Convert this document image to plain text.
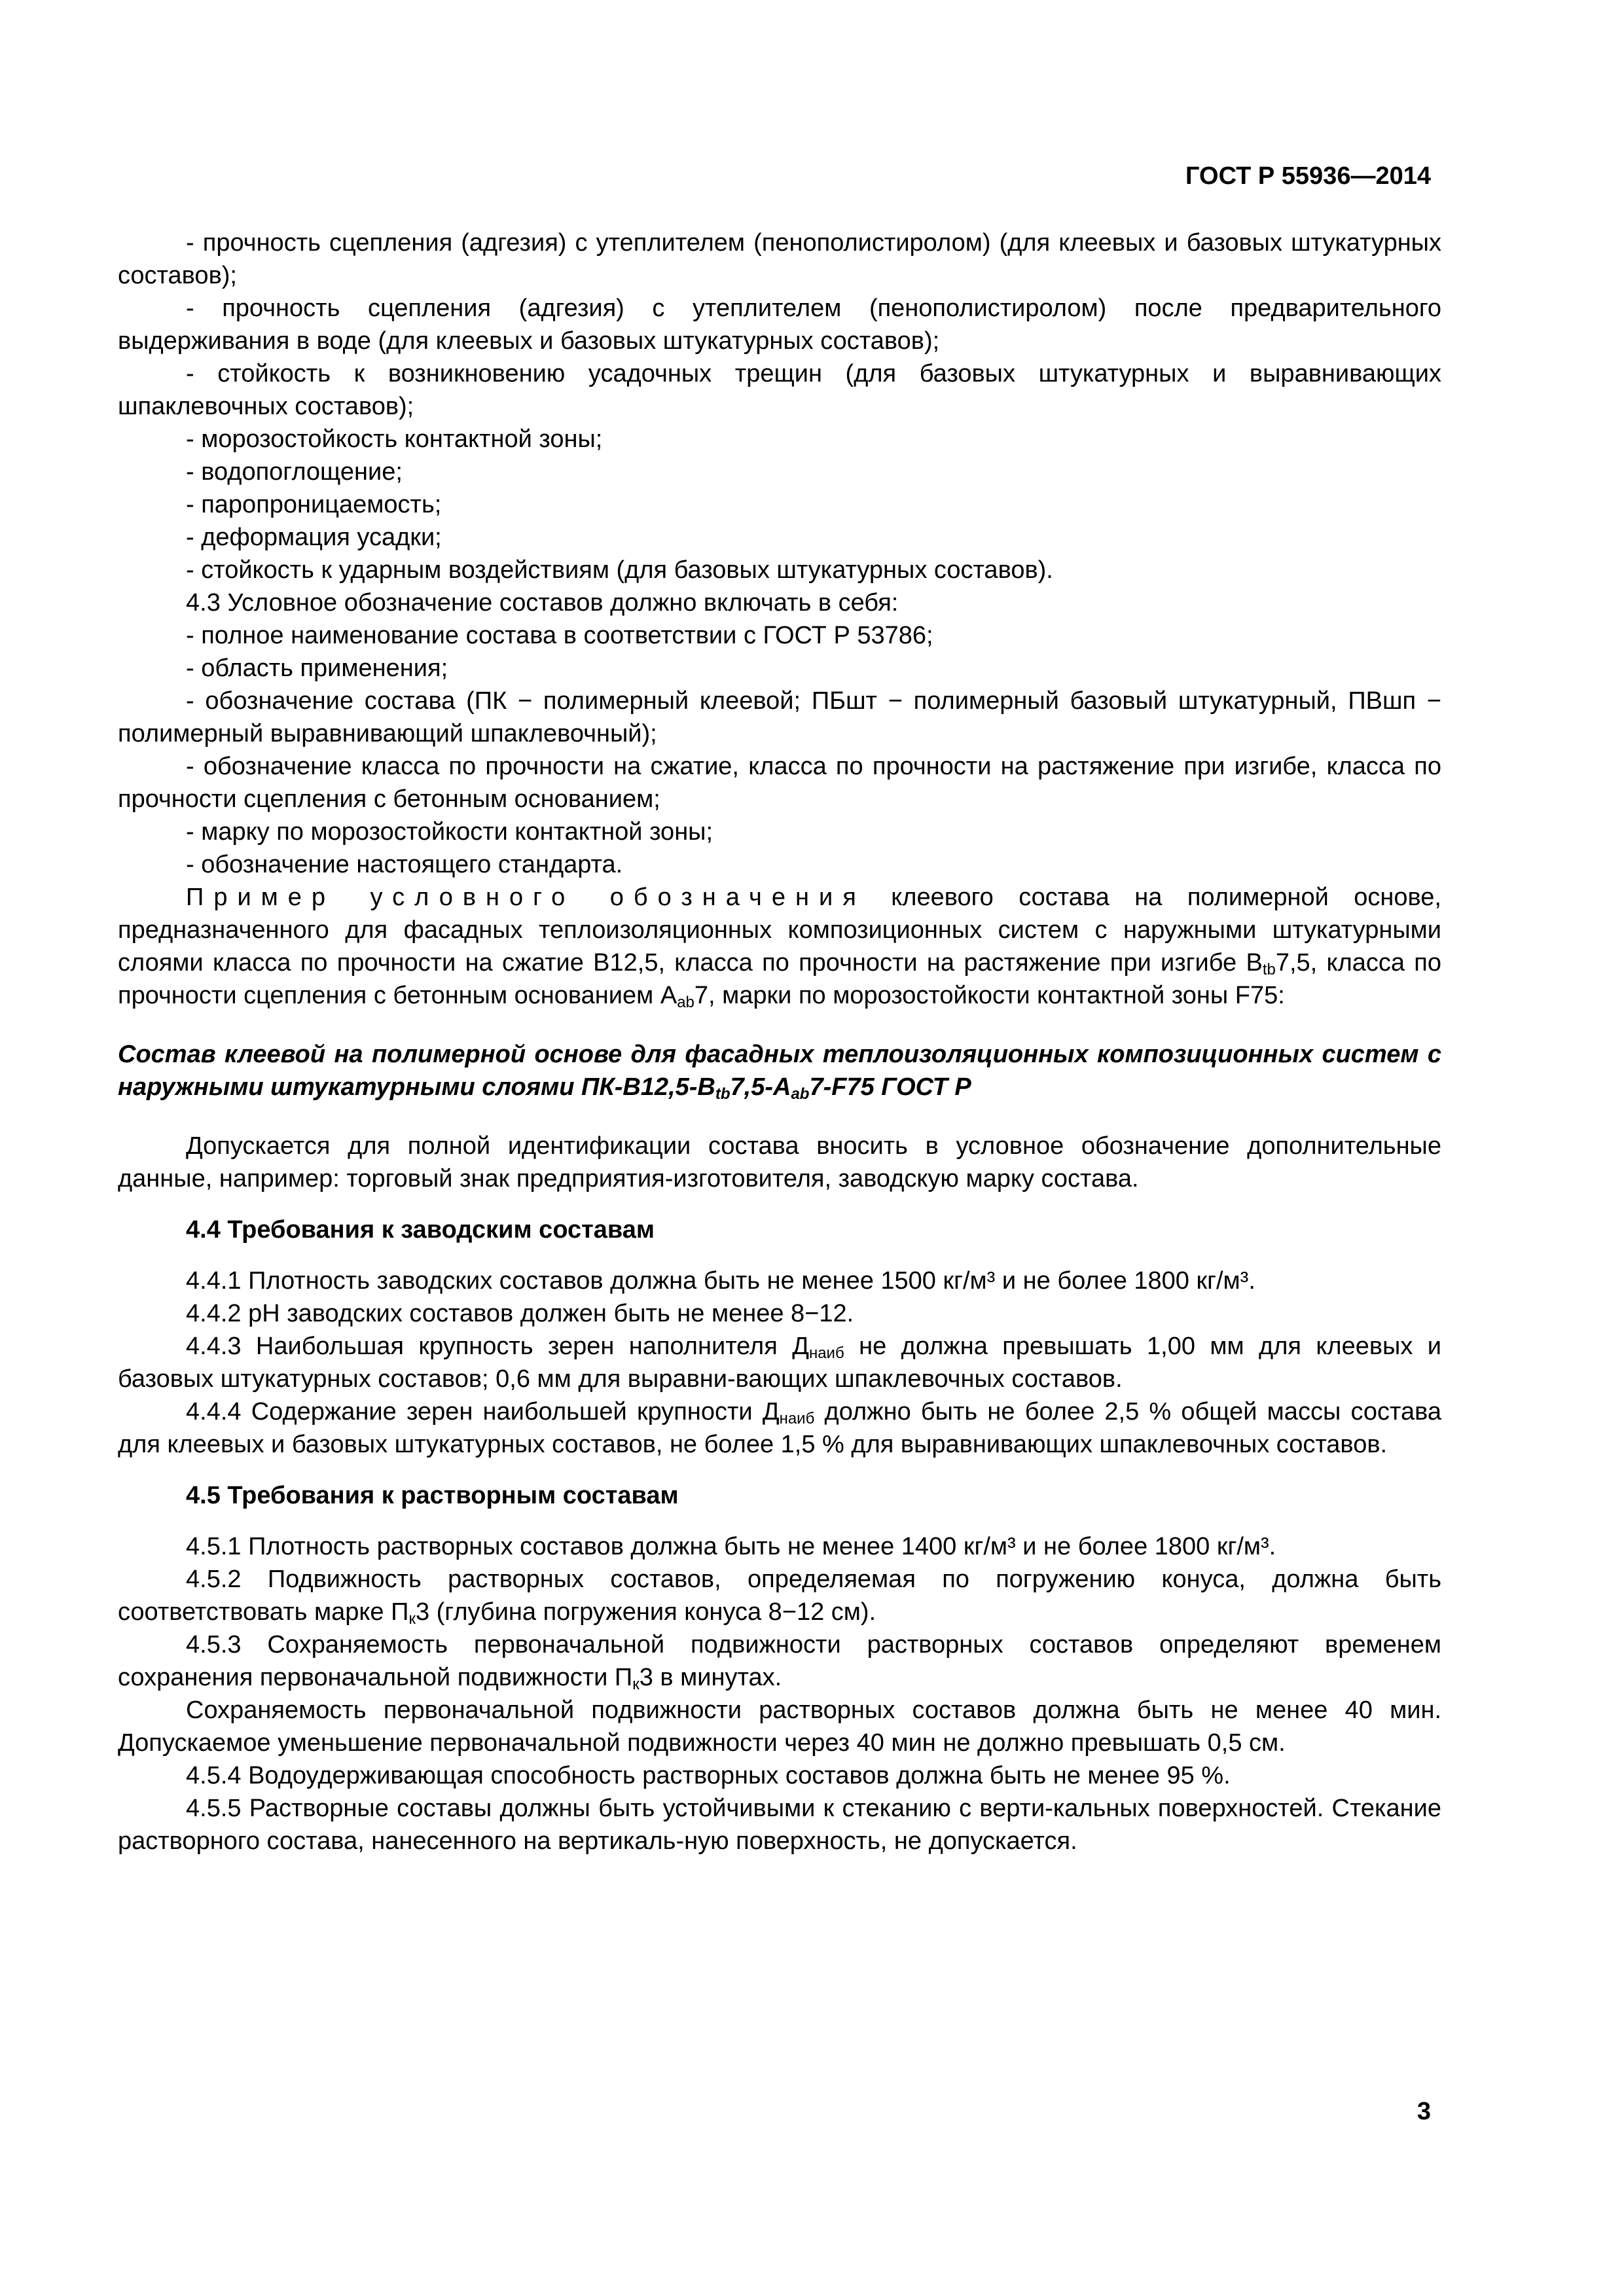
ГОСТ Р 55936—2014

- прочность сцепления (адгезия) с утеплителем (пенополистиролом) (для клеевых и базовых штукатурных составов);

- прочность сцепления (адгезия) с утеплителем (пенополистиролом) после предварительного выдерживания в воде (для клеевых и базовых штукатурных составов);

- стойкость к возникновению усадочных трещин (для базовых штукатурных и выравнивающих шпаклевочных составов);

- морозостойкость контактной зоны;

- водопоглощение;

- паропроницаемость;

- деформация усадки;

- стойкость к ударным воздействиям (для базовых штукатурных составов).

4.3 Условное обозначение составов должно включать в себя:

- полное наименование состава в соответствии с ГОСТ Р 53786;

- область применения;

- обозначение состава (ПК − полимерный клеевой; ПБшт − полимерный базовый штукатурный, ПВшп − полимерный выравнивающий шпаклевочный);

- обозначение класса по прочности на сжатие, класса по прочности на растяжение при изгибе, класса по прочности сцепления с бетонным основанием;

- марку по морозостойкости контактной зоны;

- обозначение настоящего стандарта.

Пример условного обозначения клеевого состава на полимерной основе, предназначенного для фасадных теплоизоляционных композиционных систем с наружными штукатурными слоями класса по прочности на сжатие B12,5, класса по прочности на растяжение при изгибе $B_{tb}7,5$, класса по прочности сцепления с бетонным основанием $A_{ab}7$, марки по морозостойкости контактной зоны F75:

Состав клеевой на полимерной основе для фасадных теплоизоляционных композиционных систем с наружными штукатурными слоями $ПК-B12,5-B_{tb}7,5-A_{ab}7-F75$ ГОСТ Р

Допускается для полной идентификации состава вносить в условное обозначение дополнительные данные, например: торговый знак предприятия-изготовителя, заводскую марку состава.

4.4 Требования к заводским составам

4.4.1 Плотность заводских составов должна быть не менее 1500 кг/м³ и не более 1800 кг/м³.

4.4.2 pH заводских составов должен быть не менее 8−12.

4.4.3 Наибольшая крупность зерен наполнителя $Д_{наиб}$ не должна превышать 1,00 мм для клеевых и базовых штукатурных составов; 0,6 мм для выравни-вающих шпаклевочных составов.

4.4.4 Содержание зерен наибольшей крупности $Д_{наиб}$ должно быть не более 2,5 % общей массы состава для клеевых и базовых штукатурных составов, не более 1,5 % для выравнивающих шпаклевочных составов.

4.5 Требования к растворным составам

4.5.1 Плотность растворных составов должна быть не менее 1400 кг/м³ и не более 1800 кг/м³.

4.5.2 Подвижность растворных составов, определяемая по погружению конуса, должна быть соответствовать марке $П_к3$ (глубина погружения конуса 8−12 см).

4.5.3 Сохраняемость первоначальной подвижности растворных составов определяют временем сохранения первоначальной подвижности $П_к3$ в минутах.

Сохраняемость первоначальной подвижности растворных составов должна быть не менее 40 мин. Допускаемое уменьшение первоначальной подвижности через 40 мин не должно превышать 0,5 см.

4.5.4 Водоудерживающая способность растворных составов должна быть не менее 95 %.

4.5.5 Растворные составы должны быть устойчивыми к стеканию с верти-кальных поверхностей. Стекание растворного состава, нанесенного на вертикаль-ную поверхность, не допускается.

3
